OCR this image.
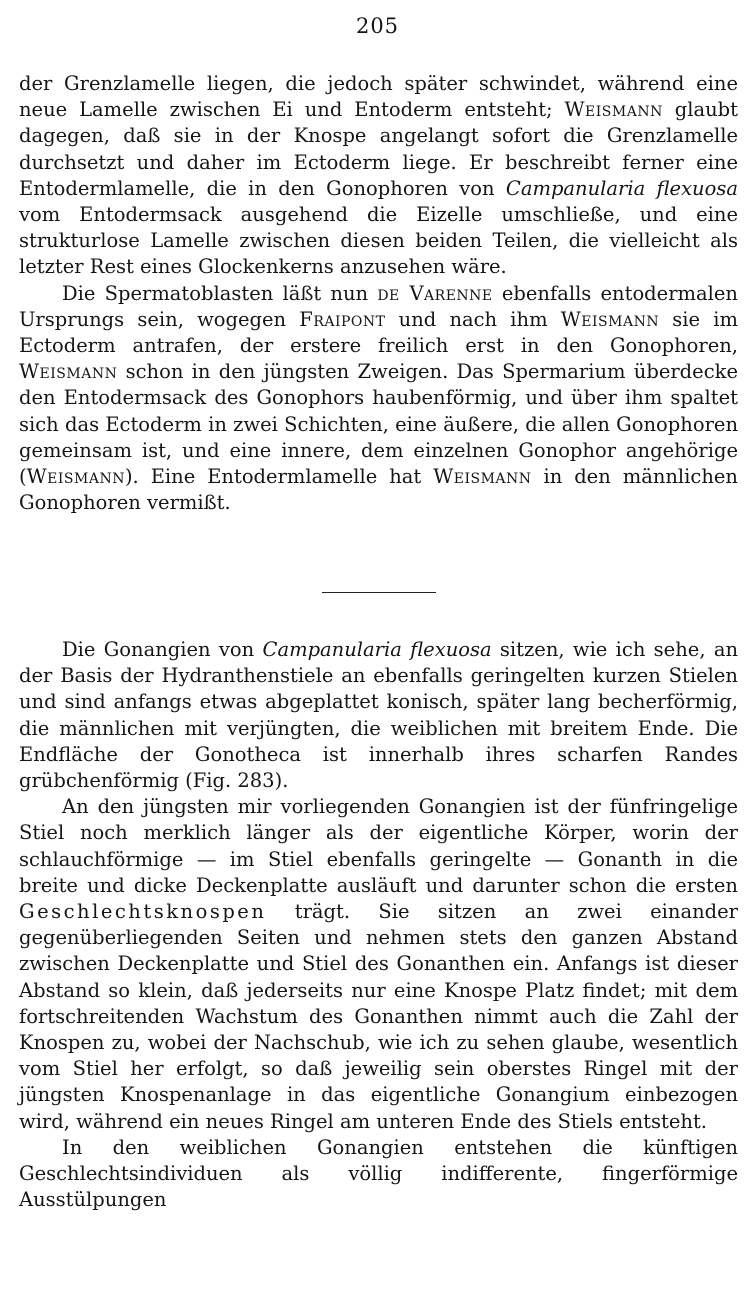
205

der Grenzlamelle liegen, die jedoch später schwindet, während eine neue Lamelle zwischen Ei und Entoderm entsteht; Weismann glaubt dagegen, daß sie in der Knospe angelangt sofort die Grenzlamelle durchsetzt und daher im Ectoderm liege. Er beschreibt ferner eine Entodermlamelle, die in den Gonophoren von Campanularia flexuosa vom Entodermsack ausgehend die Eizelle umschließe, und eine strukturlose Lamelle zwischen diesen beiden Teilen, die vielleicht als letzter Rest eines Glockenkerns anzusehen wäre.

Die Spermatoblasten läßt nun de Varenne ebenfalls entodermalen Ursprungs sein, wogegen Fraipont und nach ihm Weismann sie im Ectoderm antrafen, der erstere freilich erst in den Gonophoren, Weismann schon in den jüngsten Zweigen. Das Spermarium überdecke den Entodermsack des Gonophors haubenförmig, und über ihm spaltet sich das Ectoderm in zwei Schichten, eine äußere, die allen Gonophoren gemeinsam ist, und eine innere, dem einzelnen Gonophor angehörige (Weismann). Eine Entodermlamelle hat Weismann in den männlichen Gonophoren vermißt.

Die Gonangien von Campanularia flexuosa sitzen, wie ich sehe, an der Basis der Hydranthenstiele an ebenfalls geringelten kurzen Stielen und sind anfangs etwas abgeplattet konisch, später lang becherförmig, die männlichen mit verjüngten, die weiblichen mit breitem Ende. Die Endfläche der Gonotheca ist innerhalb ihres scharfen Randes grübchenförmig (Fig. 283).

An den jüngsten mir vorliegenden Gonangien ist der fünfringelige Stiel noch merklich länger als der eigentliche Körper, worin der schlauchförmige — im Stiel ebenfalls geringelte — Gonanth in die breite und dicke Deckenplatte ausläuft und darunter schon die ersten Geschlechtsknospen trägt. Sie sitzen an zwei einander gegenüberliegenden Seiten und nehmen stets den ganzen Abstand zwischen Deckenplatte und Stiel des Gonanthen ein. Anfangs ist dieser Abstand so klein, daß jederseits nur eine Knospe Platz findet; mit dem fortschreitenden Wachstum des Gonanthen nimmt auch die Zahl der Knospen zu, wobei der Nachschub, wie ich zu sehen glaube, wesentlich vom Stiel her erfolgt, so daß jeweilig sein oberstes Ringel mit der jüngsten Knospenanlage in das eigentliche Gonangium einbezogen wird, während ein neues Ringel am unteren Ende des Stiels entsteht.

In den weiblichen Gonangien entstehen die künftigen Geschlechtsindividuen als völlig indifferente, fingerförmige Ausstülpungen
